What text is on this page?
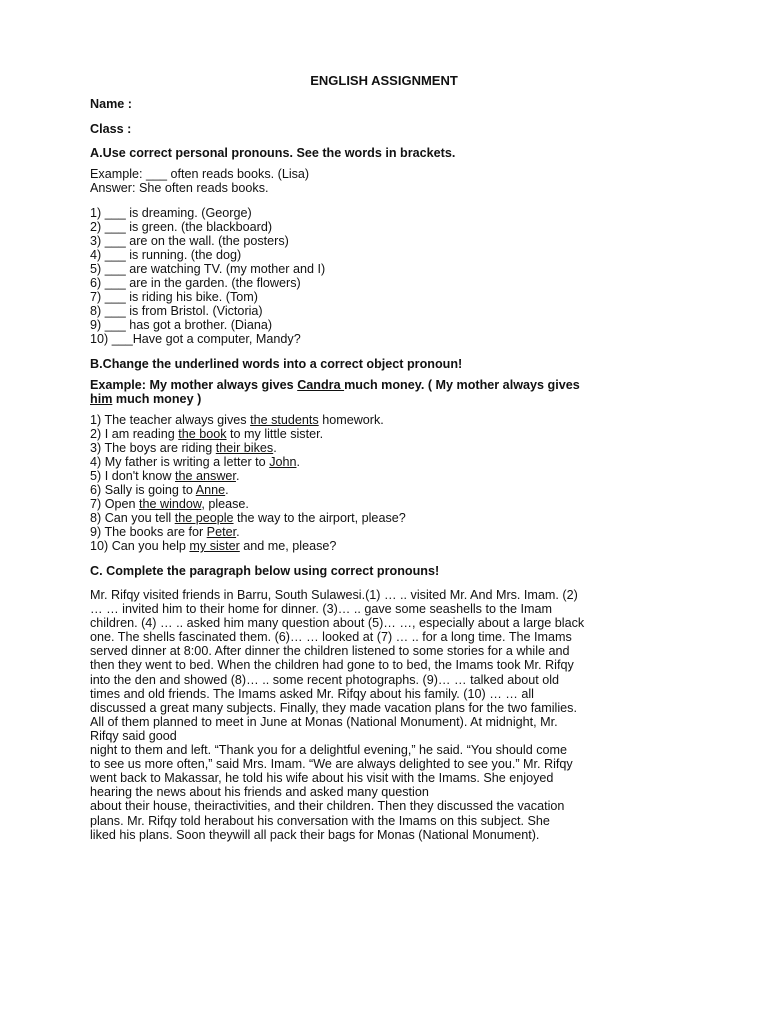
ENGLISH ASSIGNMENT
Name :
Class :
A.Use correct personal pronouns. See the words in brackets.
Example: ___ often reads books. (Lisa)
Answer: She often reads books.
1) ___ is dreaming. (George)
2) ___ is green. (the blackboard)
3) ___ are on the wall. (the posters)
4) ___ is running. (the dog)
5) ___ are watching TV. (my mother and I)
6) ___ are in the garden. (the flowers)
7) ___ is riding his bike. (Tom)
8) ___ is from Bristol. (Victoria)
9) ___ has got a brother. (Diana)
10) ___Have got a computer, Mandy?
B.Change the underlined words into a correct object pronoun!
Example: My mother always gives Candra much money. ( My mother always gives
him much money )
1) The teacher always gives the students homework.
2) I am reading the book to my little sister.
3) The boys are riding their bikes.
4) My father is writing a letter to John.
5) I don't know the answer.
6) Sally is going to Anne.
7) Open the window, please.
8) Can you tell the people the way to the airport, please?
9) The books are for Peter.
10) Can you help my sister and me, please?
C. Complete the paragraph below using correct pronouns!
Mr. Rifqy visited friends in Barru, South Sulawesi.(1) … .. visited Mr. And Mrs. Imam. (2)
… … invited him to their home for dinner. (3)… .. gave some seashells to the Imam
children. (4) … .. asked him many question about (5)… …, especially about a large black
one. The shells fascinated them. (6)… … looked at (7) … .. for a long time. The Imams
served dinner at 8:00. After dinner the children listened to some stories for a while and
then they went to bed. When the children had gone to to bed, the Imams took Mr. Rifqy
into the den and showed (8)… .. some recent photographs. (9)… … talked about old
times and old friends. The Imams asked Mr. Rifqy about his family. (10) … … all
discussed a great many subjects. Finally, they made vacation plans for the two families.
All of them planned to meet in June at Monas (National Monument). At midnight, Mr.
Rifqy said good
night to them and left. “Thank you for a delightful evening,” he said. “You should come
to see us more often,” said Mrs. Imam. “We are always delighted to see you.” Mr. Rifqy
went back to Makassar, he told his wife about his visit with the Imams. She enjoyed
hearing the news about his friends and asked many question
about their house, theiractivities, and their children. Then they discussed the vacation
plans. Mr. Rifqy told herabout his conversation with the Imams on this subject. She
liked his plans. Soon theywill all pack their bags for Monas (National Monument).
